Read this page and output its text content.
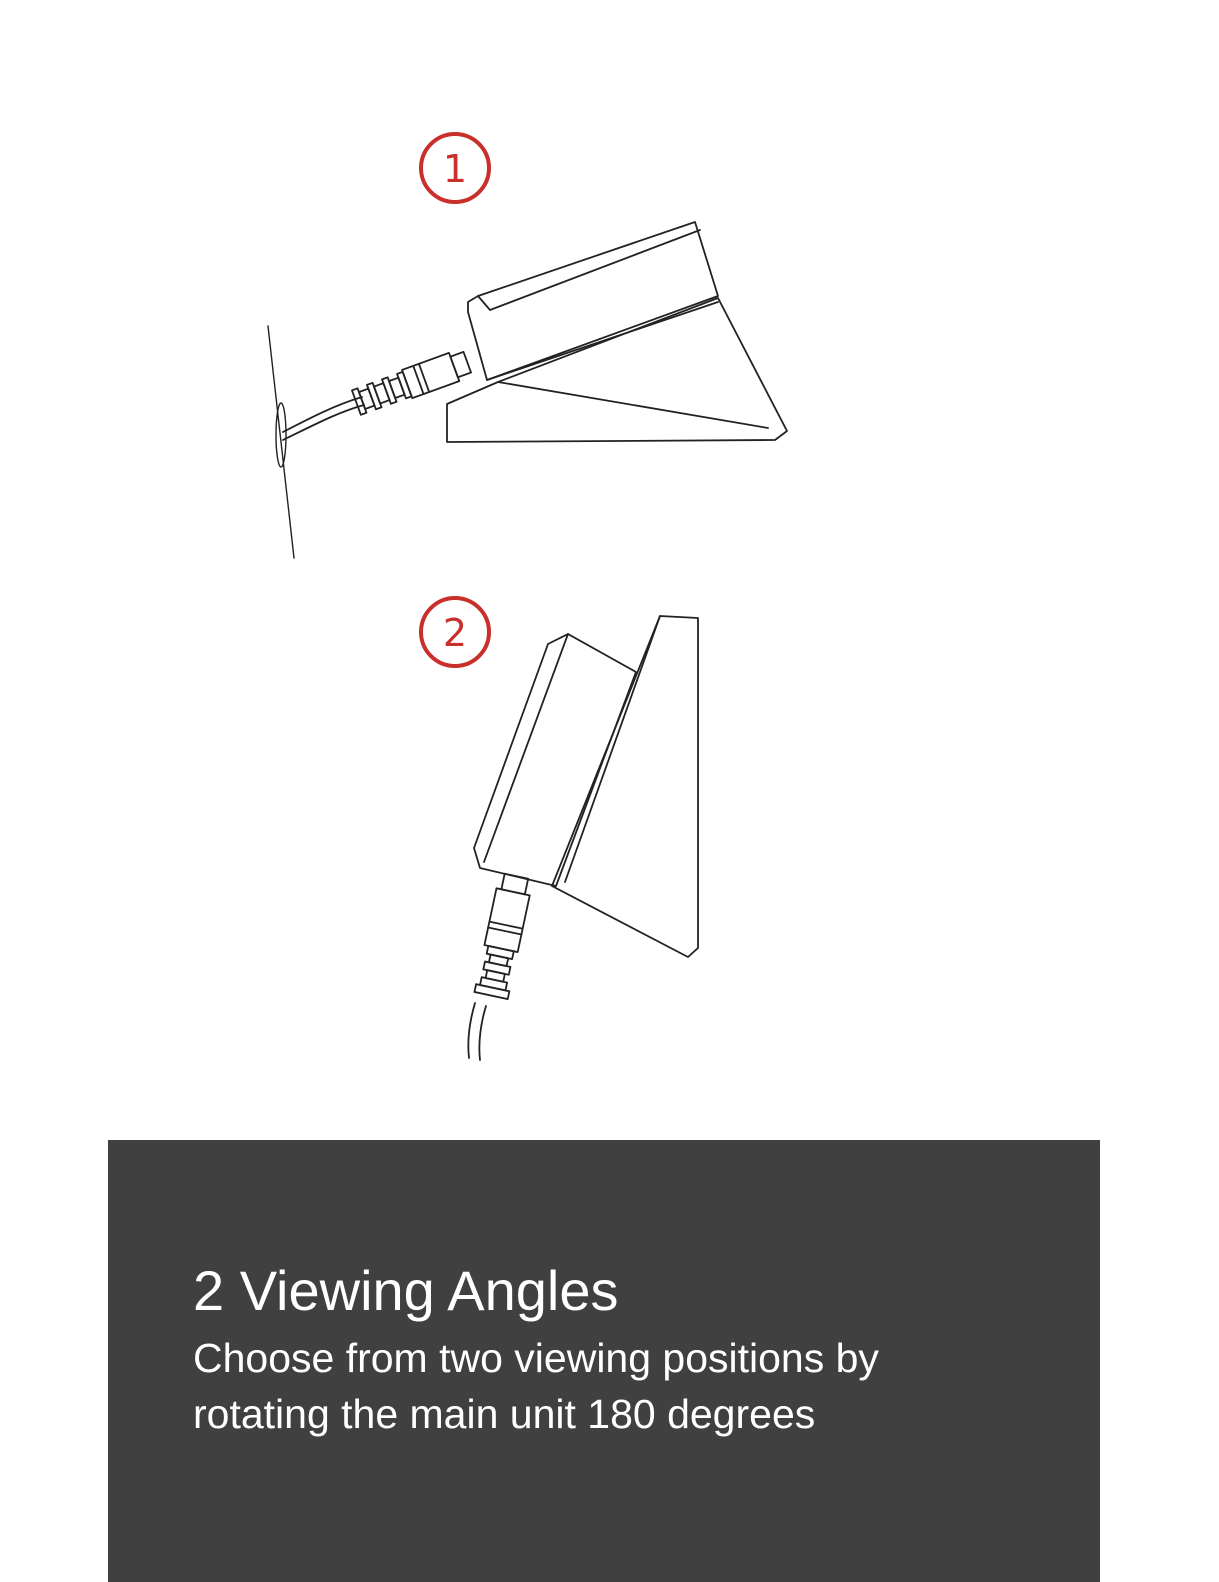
1
2
2 Viewing Angles

Choose from two viewing positions by rotating the main unit 180 degrees
